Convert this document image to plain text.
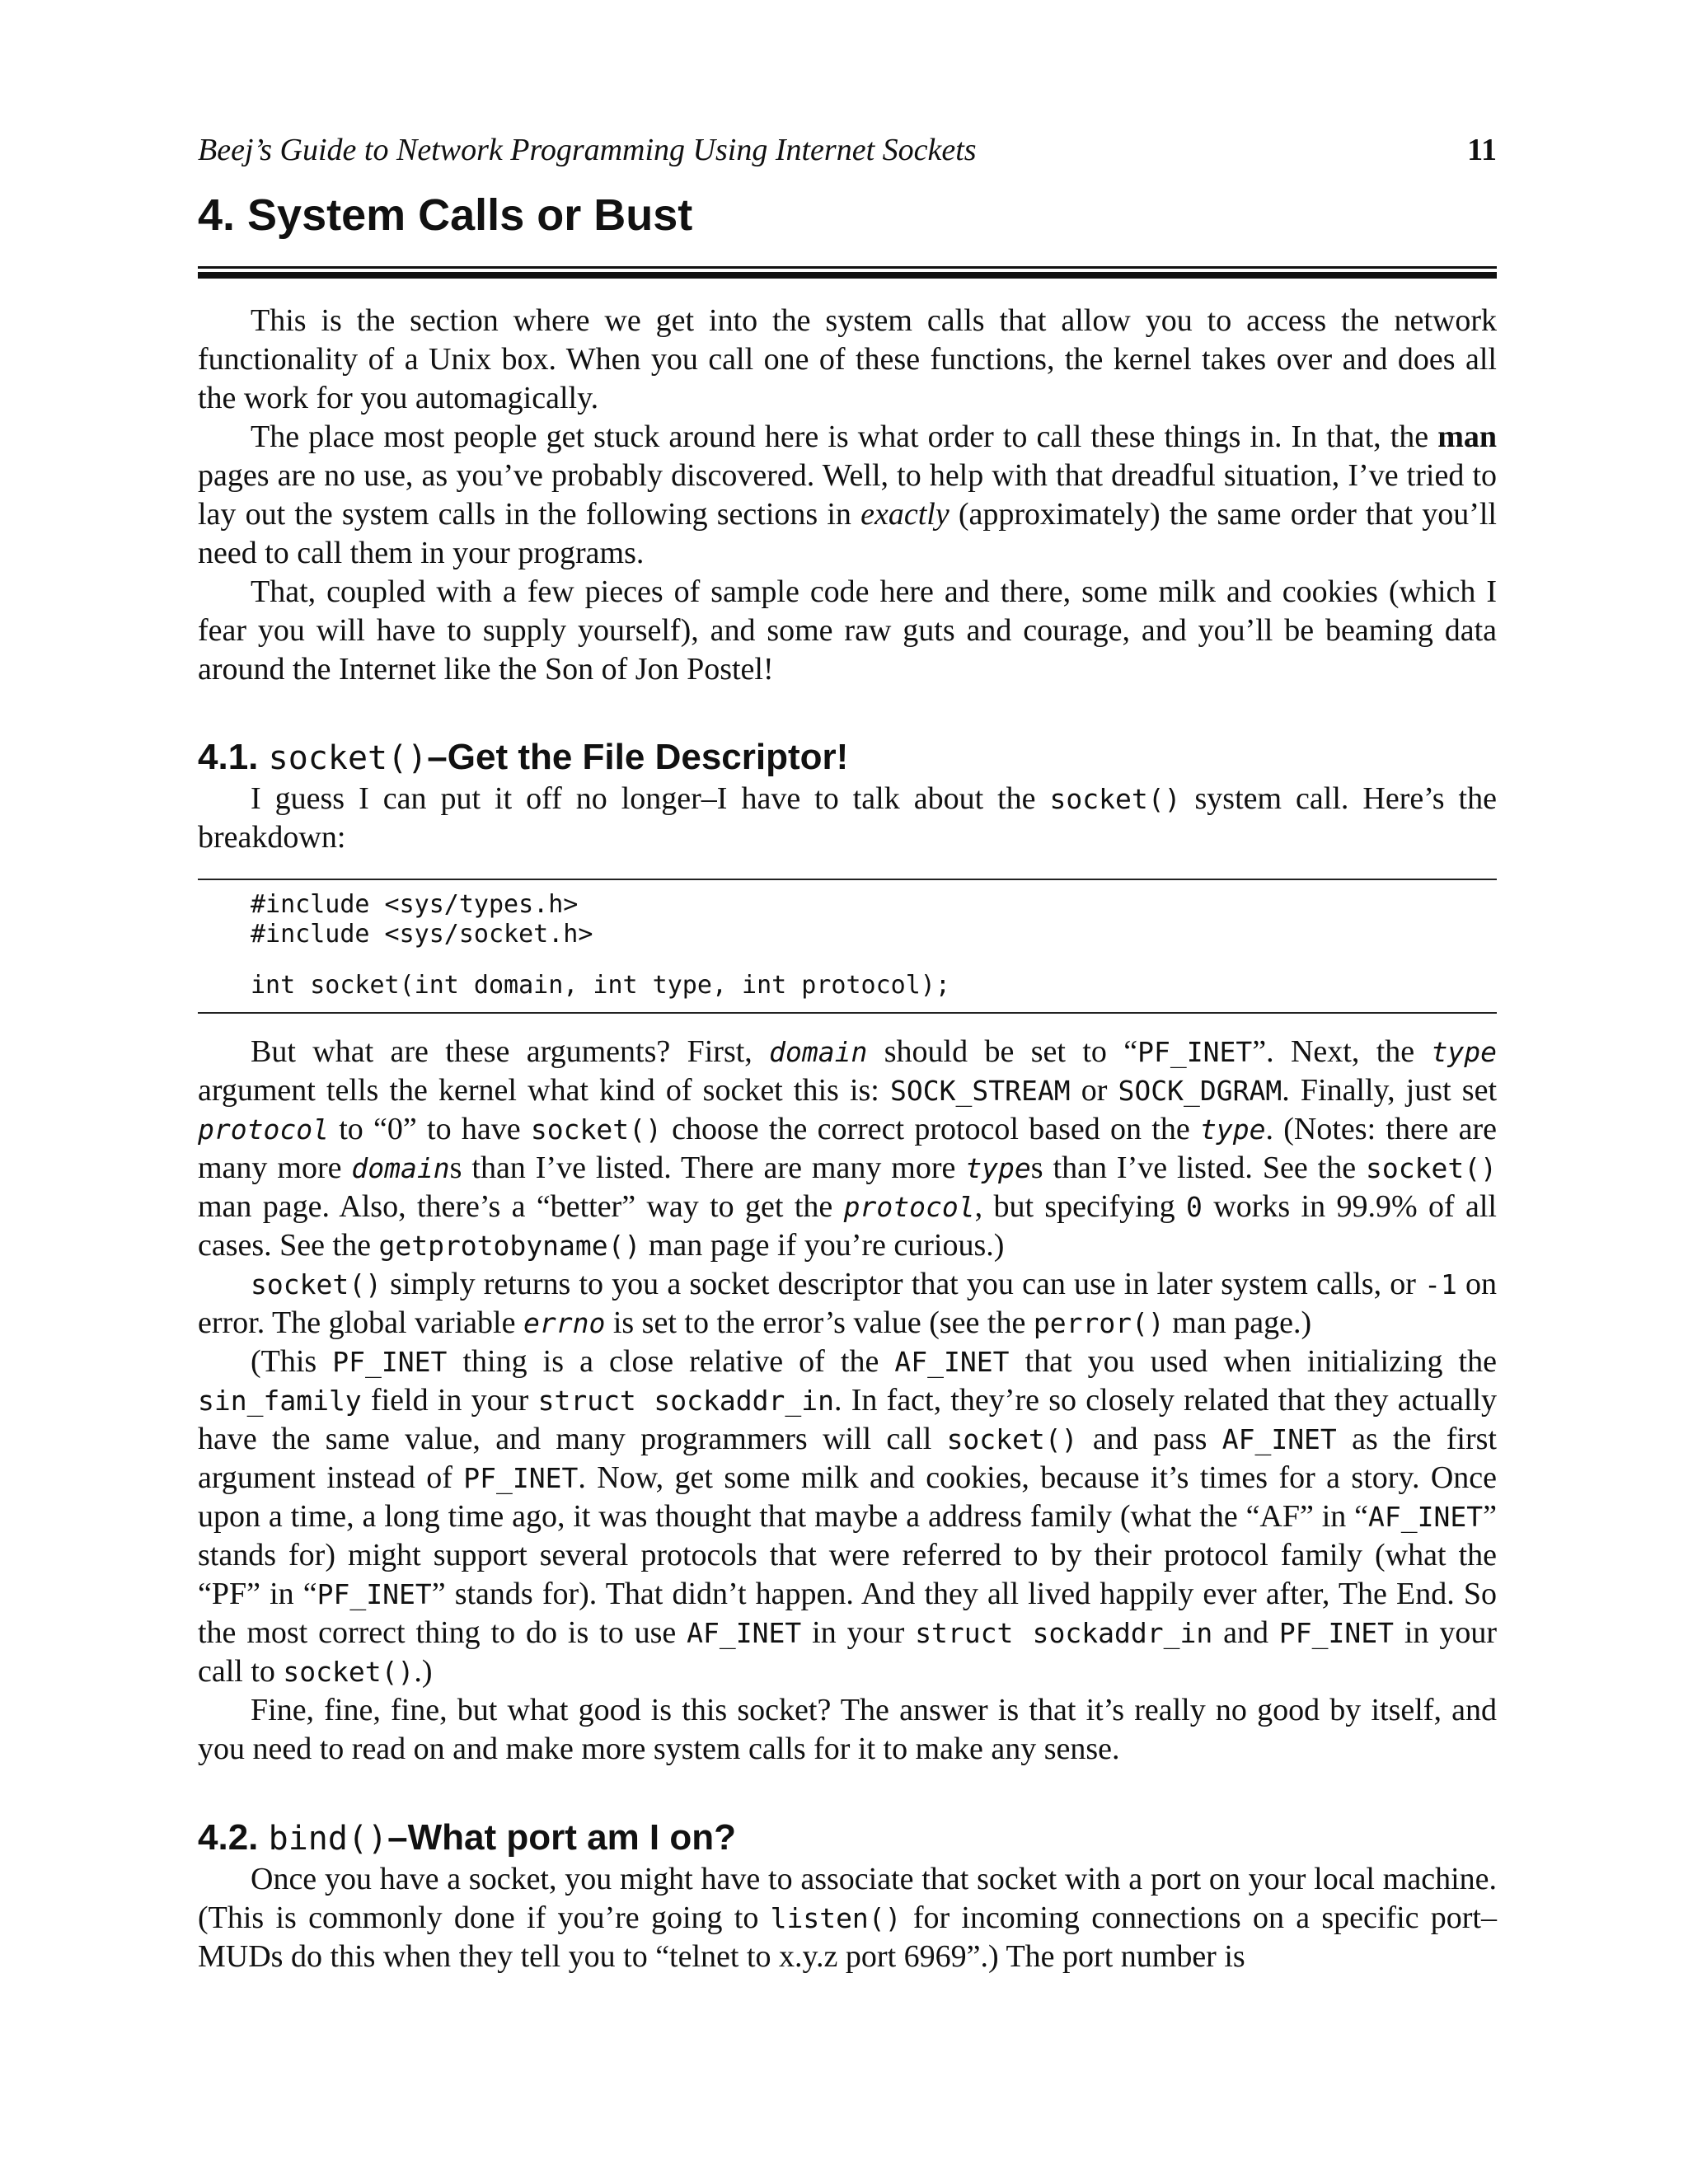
Beej’s Guide to Network Programming Using Internet Sockets	11
4. System Calls or Bust

This is the section where we get into the system calls that allow you to access the network functionality of a Unix box. When you call one of these functions, the kernel takes over and does all the work for you automagically.

The place most people get stuck around here is what order to call these things in. In that, the man pages are no use, as you’ve probably discovered. Well, to help with that dreadful situation, I’ve tried to lay out the system calls in the following sections in exactly (approximately) the same order that you’ll need to call them in your programs.

That, coupled with a few pieces of sample code here and there, some milk and cookies (which I fear you will have to supply yourself), and some raw guts and courage, and you’ll be beaming data around the Internet like the Son of Jon Postel!

4.1. socket()–Get the File Descriptor!

I guess I can put it off no longer–I have to talk about the socket() system call. Here’s the breakdown:

#include <sys/types.h>
#include <sys/socket.h>
int socket(int domain, int type, int protocol);

But what are these arguments? First, domain should be set to “PF_INET”. Next, the type argument tells the kernel what kind of socket this is: SOCK_STREAM or SOCK_DGRAM. Finally, just set protocol to “0” to have socket() choose the correct protocol based on the type. (Notes: there are many more domains than I’ve listed. There are many more types than I’ve listed. See the socket() man page. Also, there’s a “better” way to get the protocol, but specifying 0 works in 99.9% of all cases. See the getprotobyname() man page if you’re curious.)

socket() simply returns to you a socket descriptor that you can use in later system calls, or -1 on error. The global variable errno is set to the error’s value (see the perror() man page.)

(This PF_INET thing is a close relative of the AF_INET that you used when initializing the sin_family field in your struct sockaddr_in. In fact, they’re so closely related that they actually have the same value, and many programmers will call socket() and pass AF_INET as the first argument instead of PF_INET. Now, get some milk and cookies, because it’s times for a story. Once upon a time, a long time ago, it was thought that maybe a address family (what the “AF” in “AF_INET” stands for) might support several protocols that were referred to by their protocol family (what the “PF” in “PF_INET” stands for). That didn’t happen. And they all lived happily ever after, The End. So the most correct thing to do is to use AF_INET in your struct sockaddr_in and PF_INET in your call to socket().)

Fine, fine, fine, but what good is this socket? The answer is that it’s really no good by itself, and you need to read on and make more system calls for it to make any sense.

4.2. bind()–What port am I on?

Once you have a socket, you might have to associate that socket with a port on your local machine. (This is commonly done if you’re going to listen() for incoming connections on a specific port–MUDs do this when they tell you to “telnet to x.y.z port 6969”.) The port number is
